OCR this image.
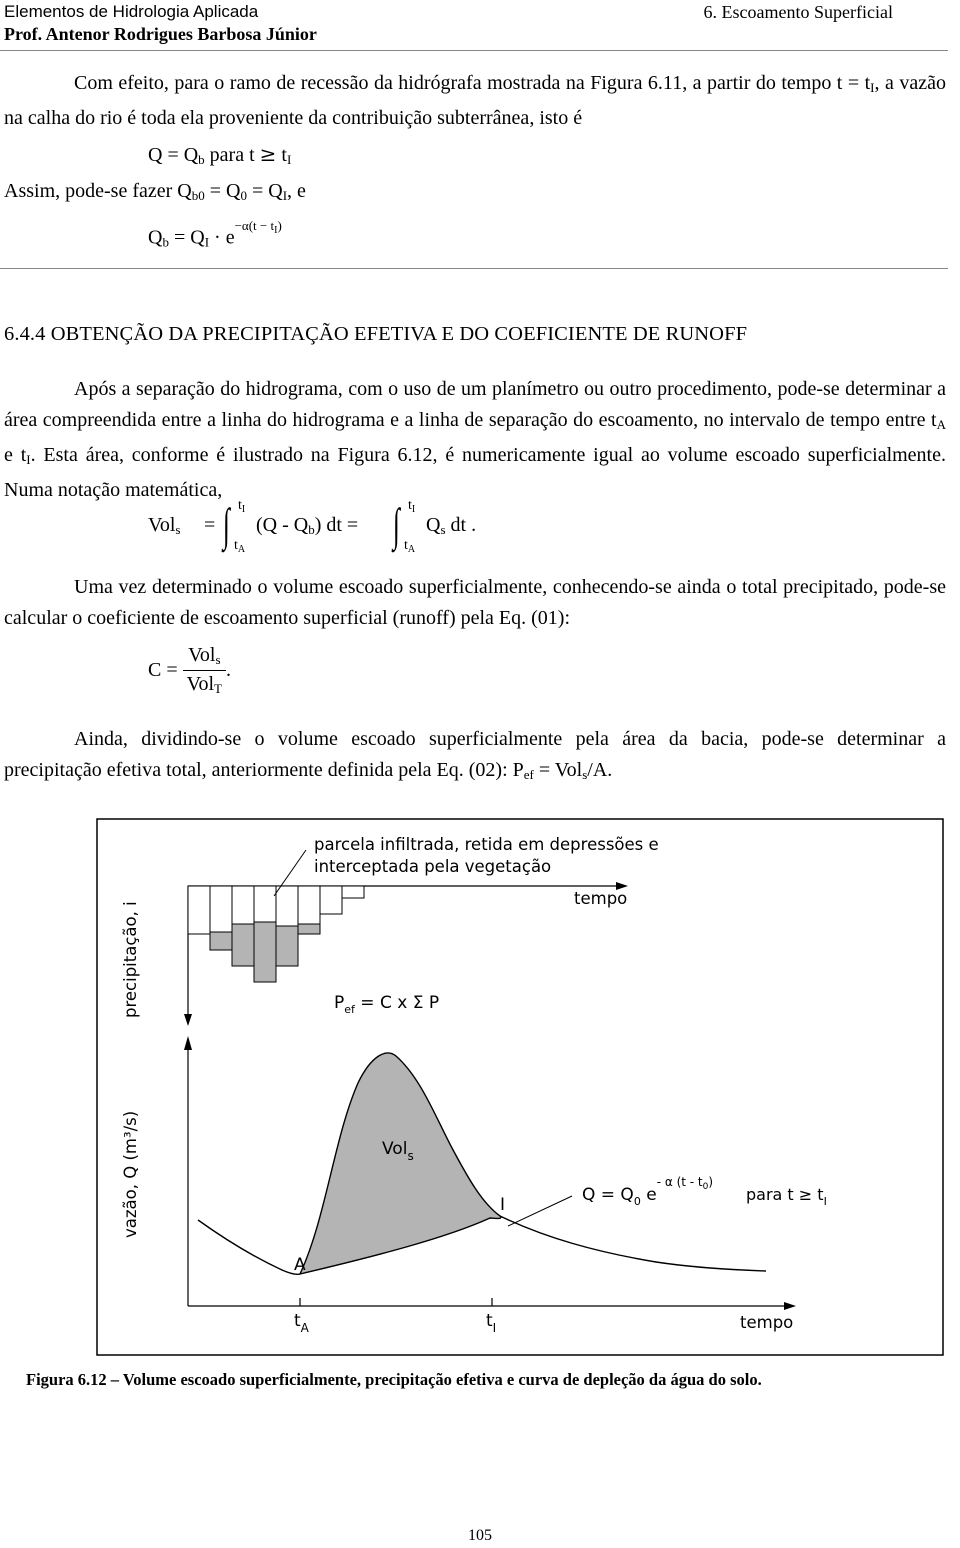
Elementos de Hidrologia Aplicada	6. Escoamento Superficial
Prof. Antenor Rodrigues Barbosa Júnior
Com efeito, para o ramo de recessão da hidrógrafa mostrada na Figura 6.11, a partir do tempo $t = t_I$, a vazão na calha do rio é toda ela proveniente da contribuição subterrânea, isto é
$Q = Q_b$ para $t \ge t_I$
Assim, pode-se fazer $Q_{b0} = Q_0 = Q_I$, e
$Q_b = Q_I \cdot e^{-\alpha(t - t_I)}$
6.4.4 OBTENÇÃO DA PRECIPITAÇÃO EFETIVA E DO COEFICIENTE DE RUNOFF
Após a separação do hidrograma, com o uso de um planímetro ou outro procedimento, pode-se determinar a área compreendida entre a linha do hidrograma e a linha de separação do escoamento, no intervalo de tempo entre $t_A$ e $t_I$. Esta área, conforme é ilustrado na Figura 6.12, é numericamente igual ao volume escoado superficialmente. Numa notação matemática,
Vol$_s$ = ∫ $t_I$
$t_A$
$(Q - Q_b)$ dt = ∫ $t_I$
$t_A$
$Q_s$ dt .
Uma vez determinado o volume escoado superficialmente, conhecendo-se ainda o total precipitado, pode-se calcular o coeficiente de escoamento superficial (runoff) pela Eq. (01):
$C = \frac{Vol_s}{Vol_T}$ .
Ainda, dividindo-se o volume escoado superficialmente pela área da bacia, pode-se determinar a precipitação efetiva total, anteriormente definida pela Eq. (02): $P_{ef} = Vol_s/A$.
parcela infiltrada, retida em depressões e
interceptada pela vegetação
tempo
precipitação, i	$P_{ef} = C$ x Σ P
vazão, Q (m³/s)
tempo
A
I
Vol$_s$
$Q = Q_0$ $e^{- \alpha (t - t}0$)
para $t \ge t_I$
$t_A$	$t_I$
Figura 6.12 – Volume escoado superficialmente, precipitação efetiva e curva de depleção da água do solo.
105
